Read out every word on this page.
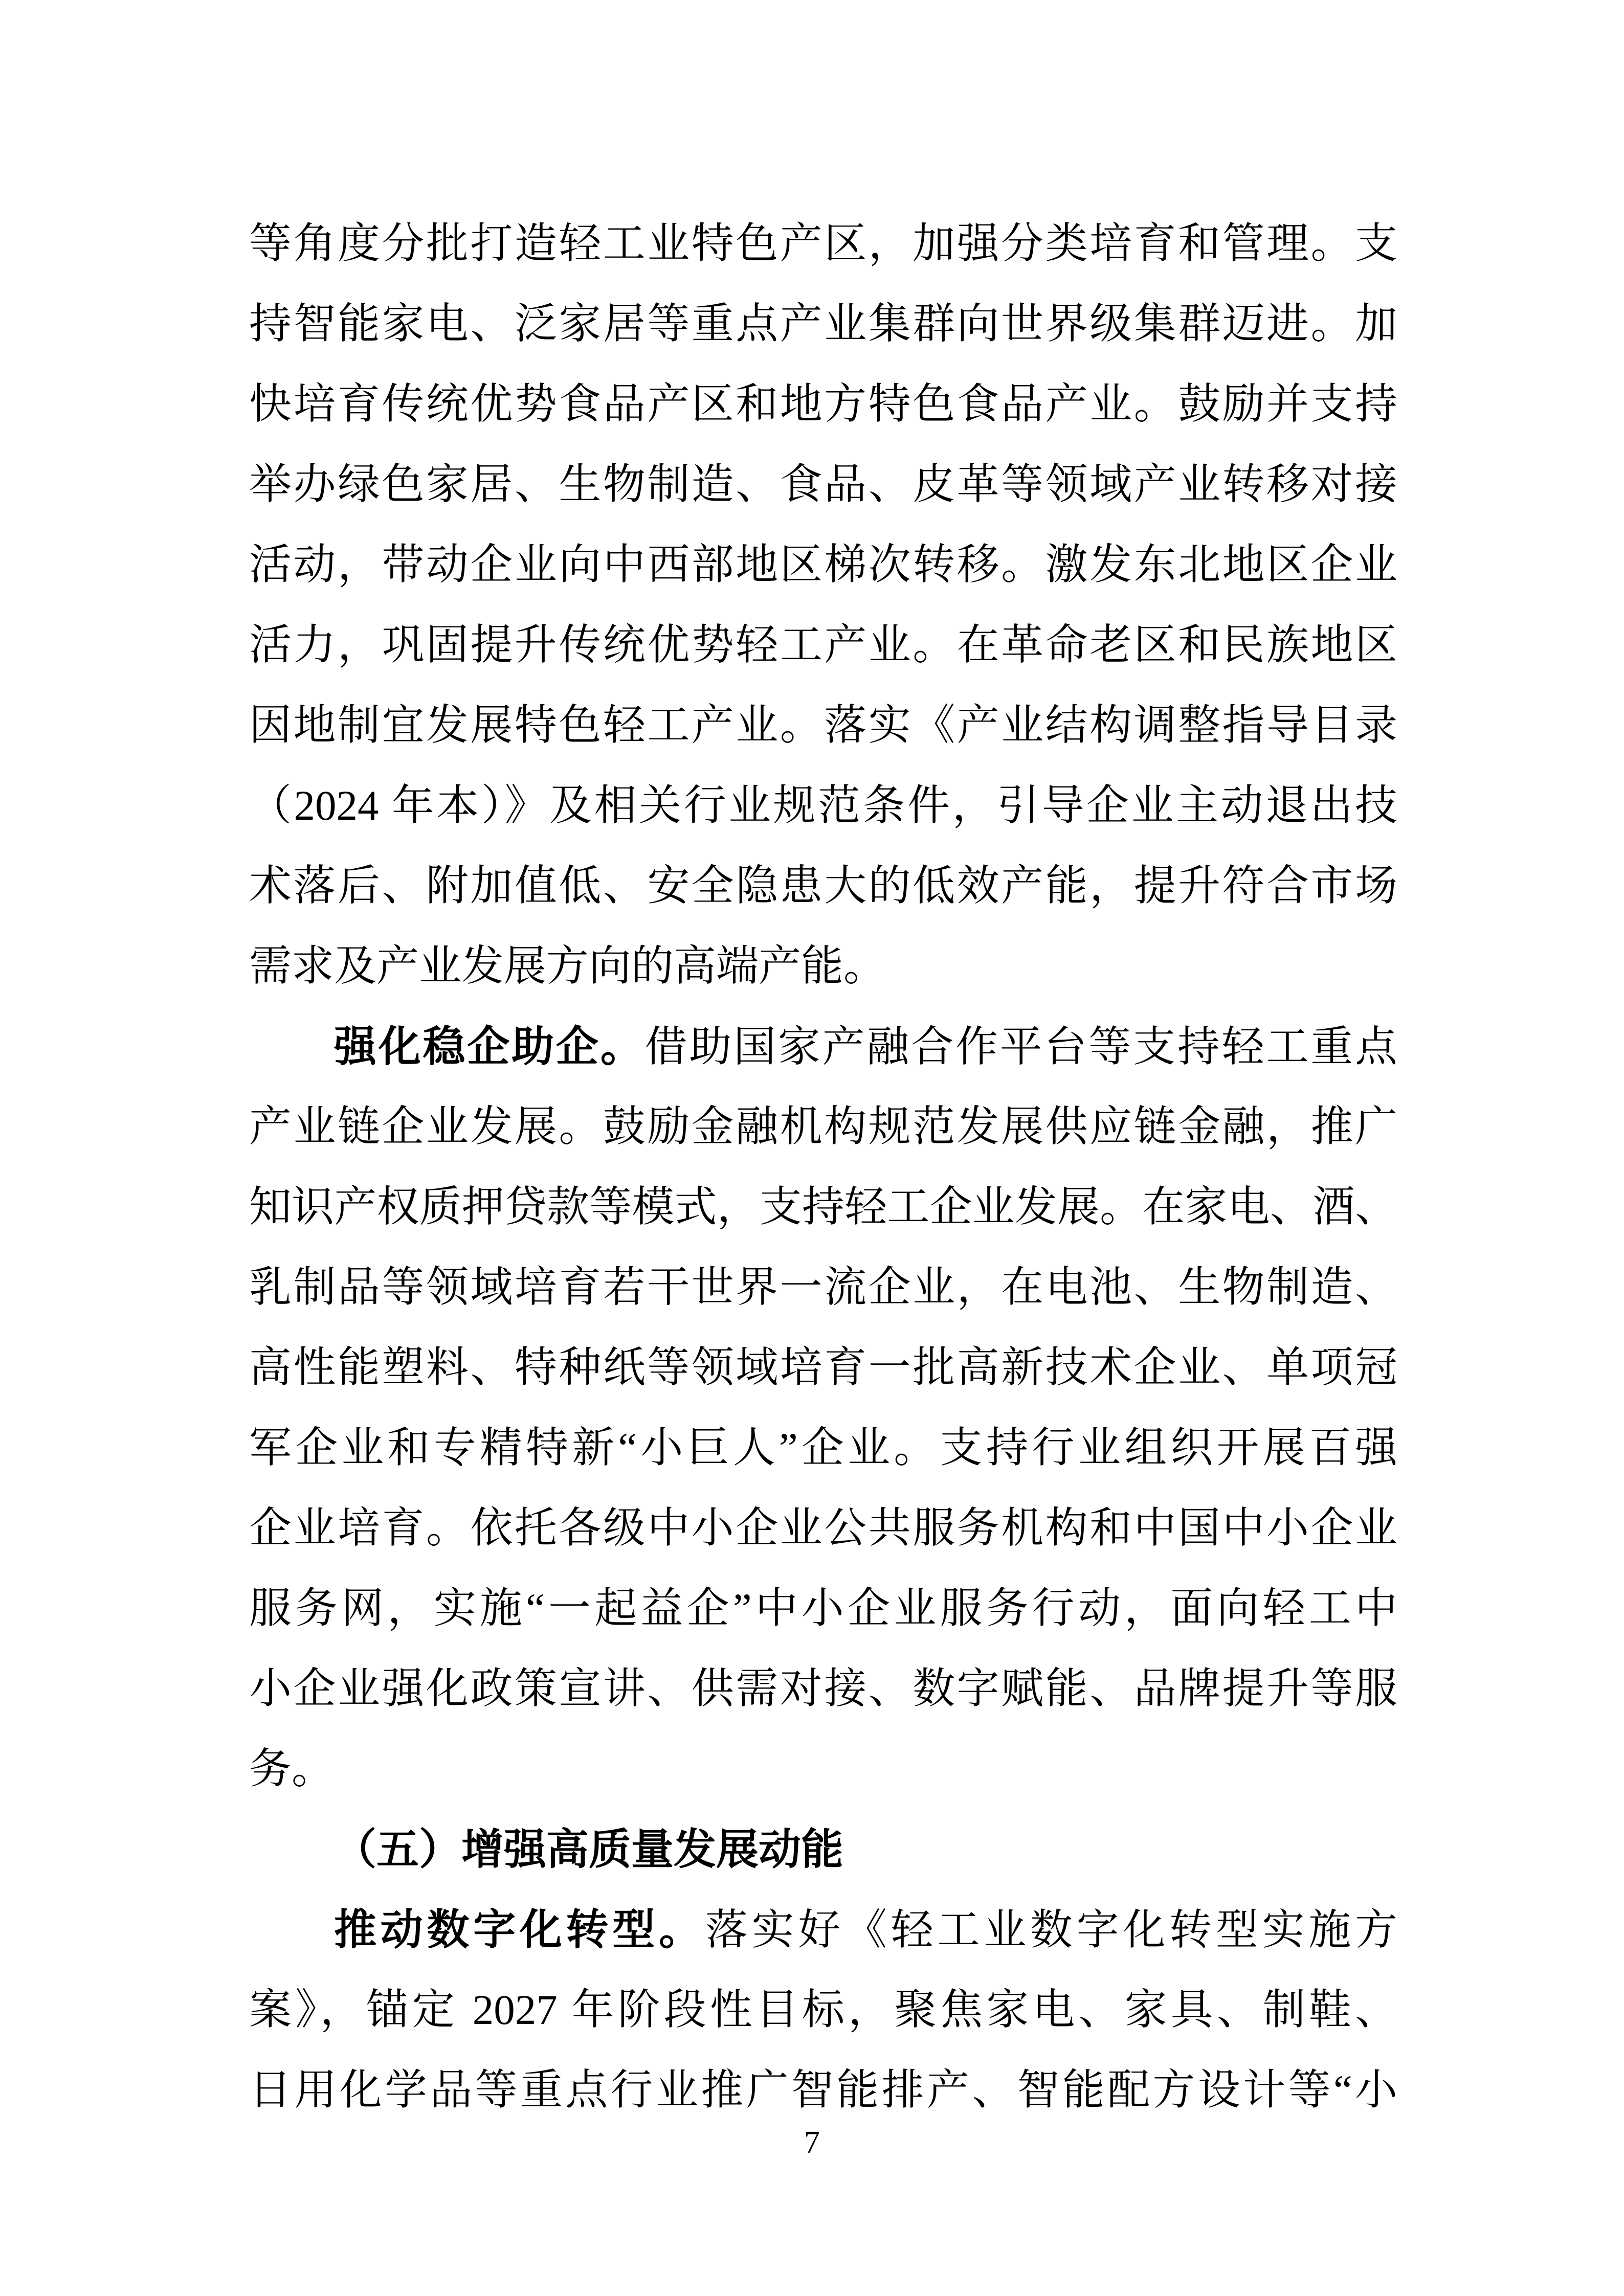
等角度分批打造轻工业特色产区，加强分类培育和管理。支
持智能家电、泛家居等重点产业集群向世界级集群迈进。加
快培育传统优势食品产区和地方特色食品产业。鼓励并支持
举办绿色家居、生物制造、食品、皮革等领域产业转移对接
活动，带动企业向中西部地区梯次转移。激发东北地区企业
活力，巩固提升传统优势轻工产业。在革命老区和民族地区
因地制宜发展特色轻工产业。落实《产业结构调整指导目录
（2024 年本）》及相关行业规范条件，引导企业主动退出技
术落后、附加值低、安全隐患大的低效产能，提升符合市场
需求及产业发展方向的高端产能。
强化稳企助企。借助国家产融合作平台等支持轻工重点
产业链企业发展。鼓励金融机构规范发展供应链金融，推广
知识产权质押贷款等模式，支持轻工企业发展。在家电、酒、
乳制品等领域培育若干世界一流企业，在电池、生物制造、
高性能塑料、特种纸等领域培育一批高新技术企业、单项冠
军企业和专精特新“小巨人”企业。支持行业组织开展百强
企业培育。依托各级中小企业公共服务机构和中国中小企业
服务网，实施“一起益企”中小企业服务行动，面向轻工中
小企业强化政策宣讲、供需对接、数字赋能、品牌提升等服
务。
（五）增强高质量发展动能
推动数字化转型。落实好《轻工业数字化转型实施方
案》，锚定 2027 年阶段性目标，聚焦家电、家具、制鞋、
日用化学品等重点行业推广智能排产、智能配方设计等“小
7
